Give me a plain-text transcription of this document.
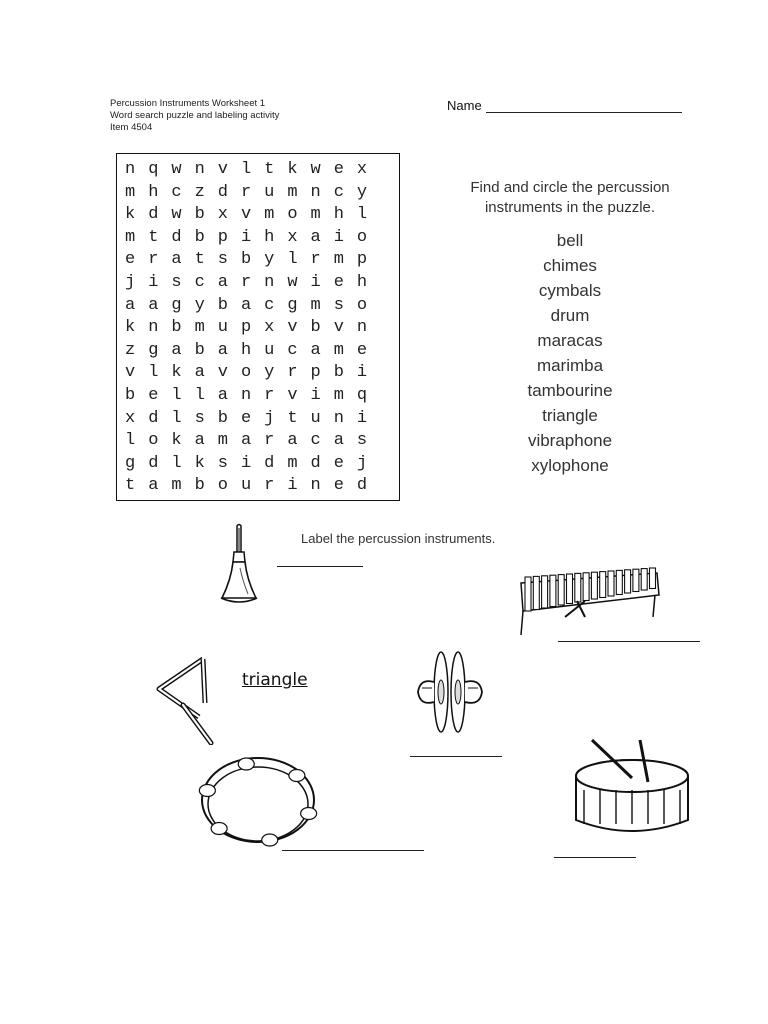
Percussion Instruments Worksheet 1
Word search puzzle and labeling activity
Item 4504
Name
n q w n v l t k w e x
m h c z d r u m n c y
k d w b x v m o m h l
m t d b p i h x a i o
e r a t s b y l r m p
j i s c a r n w i e h
a a g y b a c g m s o
k n b m u p x v b v n
z g a b a h u c a m e
v l k a v o y r p b i
b e l l a n r v i m q
x d l s b e j t u n i
l o k a m a r a c a s
g d l k s i d m d e j
t a m b o u r i n e d
Find and circle the percussion
instruments in the puzzle.
bell
chimes
cymbals
drum
maracas
marimba
tambourine
triangle
vibraphone
xylophone
Label the percussion instruments.
triangle
